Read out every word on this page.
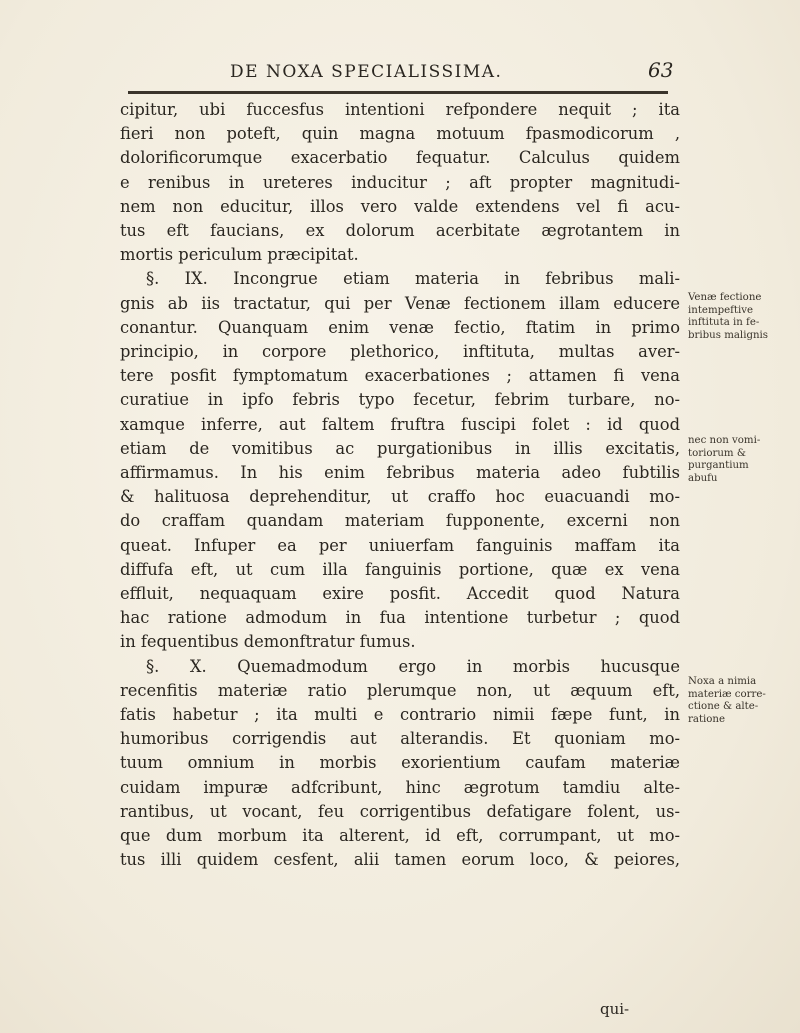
DE NOXA SPECIALISSIMA.	63
cipitur, ubi fuccesfus intentioni refpondere nequit ; ita
fieri non poteft, quin magna motuum fpasmodicorum ,
dolorificorumque exacerbatio fequatur. Calculus quidem
e renibus in ureteres inducitur ; aft propter magnitudi-
nem non educitur, illos vero valde extendens vel fi acu-
tus eft faucians, ex dolorum acerbitate ægrotantem in
mortis periculum præcipitat.
§. IX. Incongrue etiam materia in febribus mali-
gnis ab iis tractatur, qui per Venæ fectionem illam educere
conantur. Quanquam enim venæ fectio, ftatim in primo
principio, in corpore plethorico, inftituta, multas aver-
tere posfit fymptomatum exacerbationes ; attamen fi vena
curatiue in ipfo febris typo fecetur, febrim turbare, no-
xamque inferre, aut faltem fruftra fuscipi folet : id quod
etiam de vomitibus ac purgationibus in illis excitatis,
affirmamus. In his enim febribus materia adeo fubtilis
& halituosa deprehenditur, ut craffo hoc euacuandi mo-
do craffam quandam materiam fupponente, excerni non
queat. Infuper ea per uniuerfam fanguinis maffam ita
diffufa eft, ut cum illa fanguinis portione, quæ ex vena
effluit, nequaquam exire posfit. Accedit quod Natura
hac ratione admodum in fua intentione turbetur ; quod
in fequentibus demonftratur fumus.
§. X. Quemadmodum ergo in morbis hucusque
recenfitis materiæ ratio plerumque non, ut æquum eft,
fatis habetur ; ita multi e contrario nimii fæpe funt, in
humoribus corrigendis aut alterandis. Et quoniam mo-
tuum omnium in morbis exorientium caufam materiæ
cuidam impuræ adfcribunt, hinc ægrotum tamdiu alte-
rantibus, ut vocant, feu corrigentibus defatigare folent, us-
que dum morbum ita alterent, id eft, corrumpant, ut mo-
tus illi quidem cesfent, alii tamen eorum loco, & peiores,
Venæ fectione
intempeftive
inftituta in fe-
bribus malignis
nec non vomi-
toriorum &
purgantium
abufu
Noxa a nimia
materiæ corre-
ctione & alte-
ratione
qui-
